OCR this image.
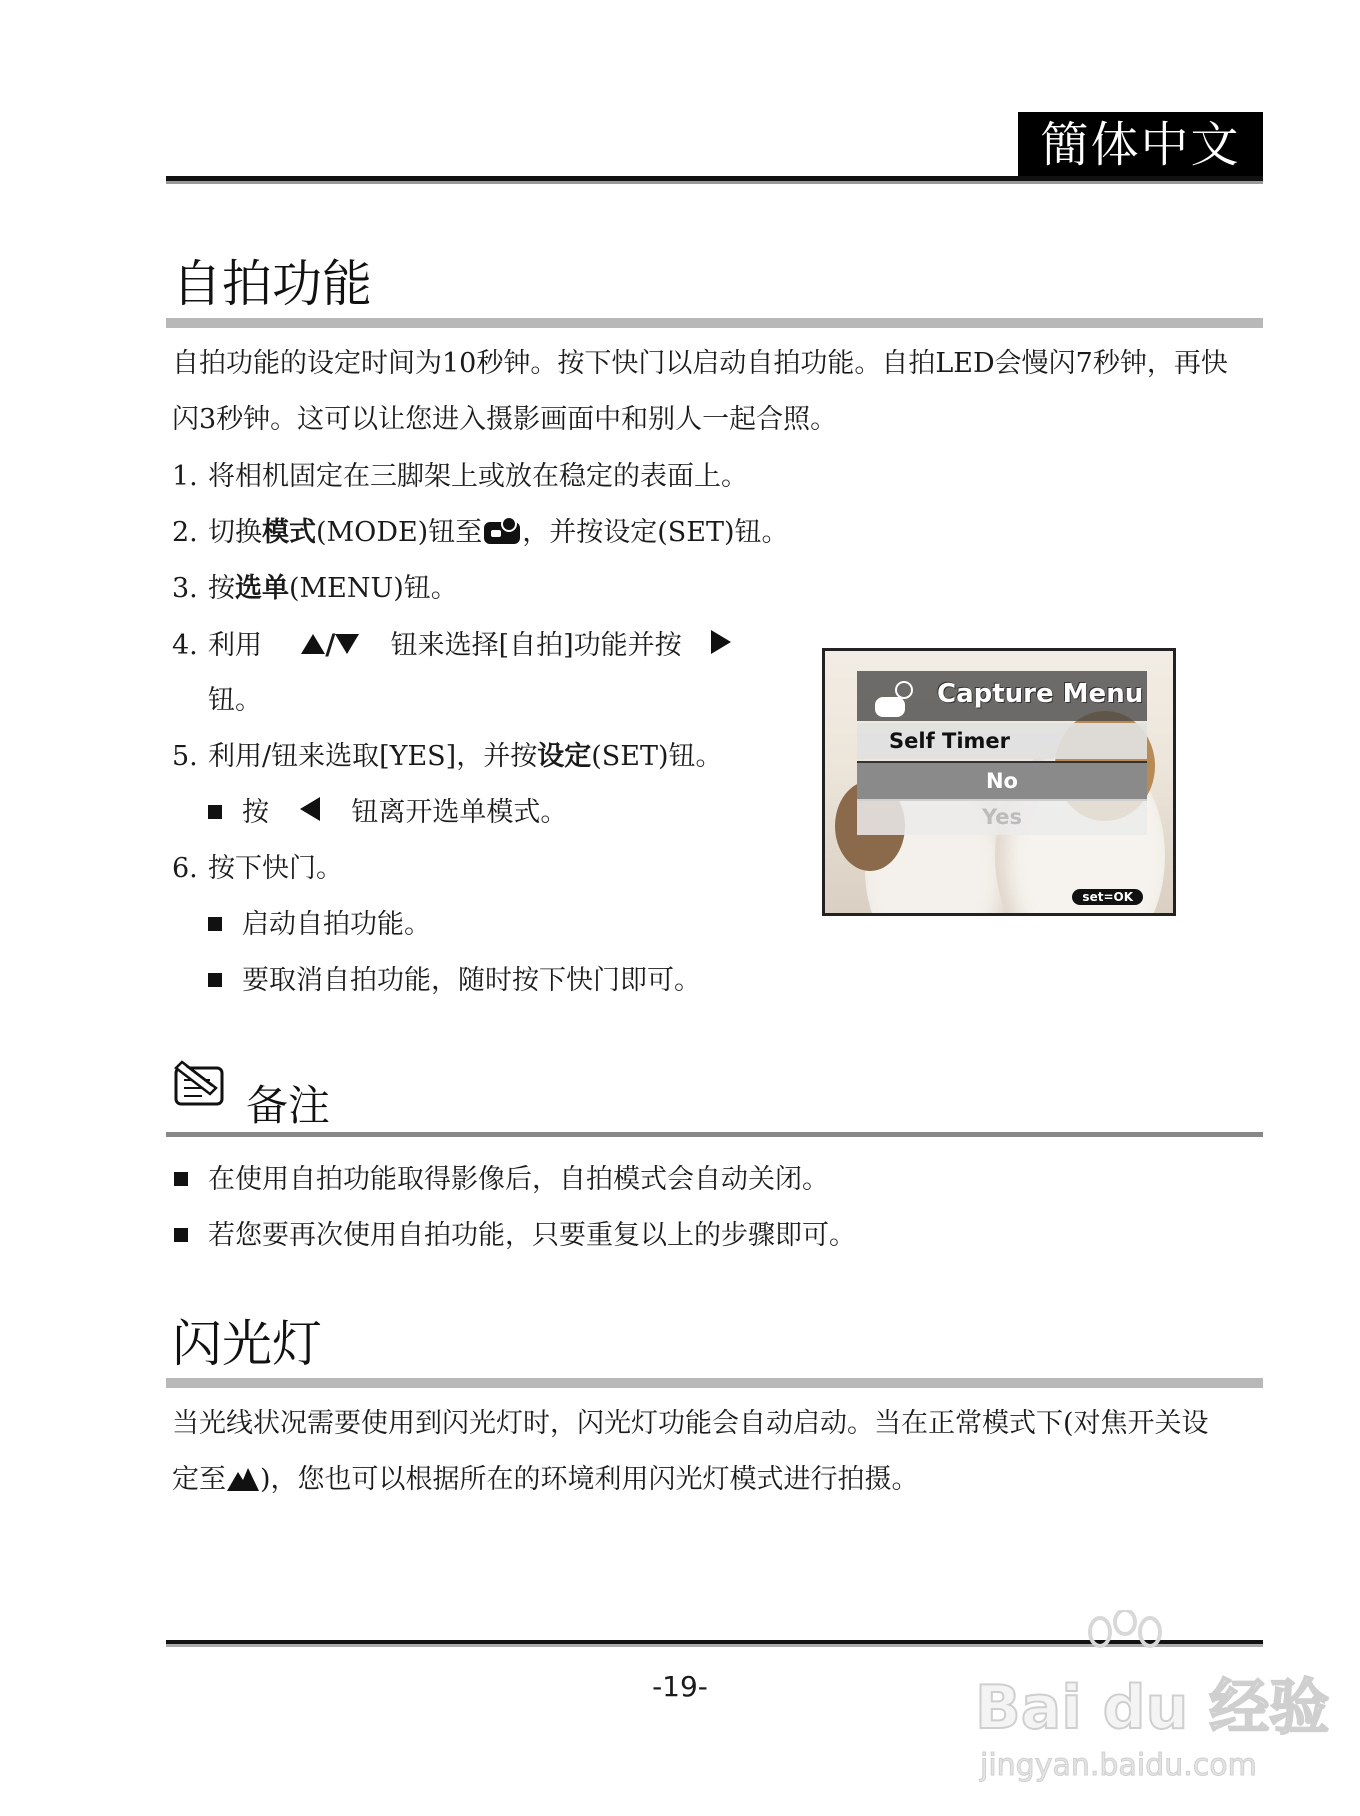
簡体中文
自拍功能
自拍功能的设定时间为10秒钟。按下快门以启动自拍功能。自拍LED会慢闪7秒钟，再快
闪3秒钟。这可以让您进入摄影画面中和别人一起合照。
1. 将相机固定在三脚架上或放在稳定的表面上。
2. 切换模式(MODE)钮至 ，并按设定(SET)钮。
3. 按选单(MENU)钮。
4. 利用 / 钮来选择[自拍]功能并按
钮。
5. 利用/钮来选取[YES]，并按设定(SET)钮。
按	钮离开选单模式。
6. 按下快门。
启动自拍功能。
要取消自拍功能，随时按下快门即可。
Capture Menu
Self Timer
No
Yes
set=OK
备注
在使用自拍功能取得影像后，自拍模式会自动关闭。
若您要再次使用自拍功能，只要重复以上的步骤即可。
闪光灯
当光线状况需要使用到闪光灯时，闪光灯功能会自动启动。当在正常模式下(对焦开关设
定至 )，您也可以根据所在的环境利用闪光灯模式进行拍摄。
-19-	Bai du 经验
jingyan.baidu.com
